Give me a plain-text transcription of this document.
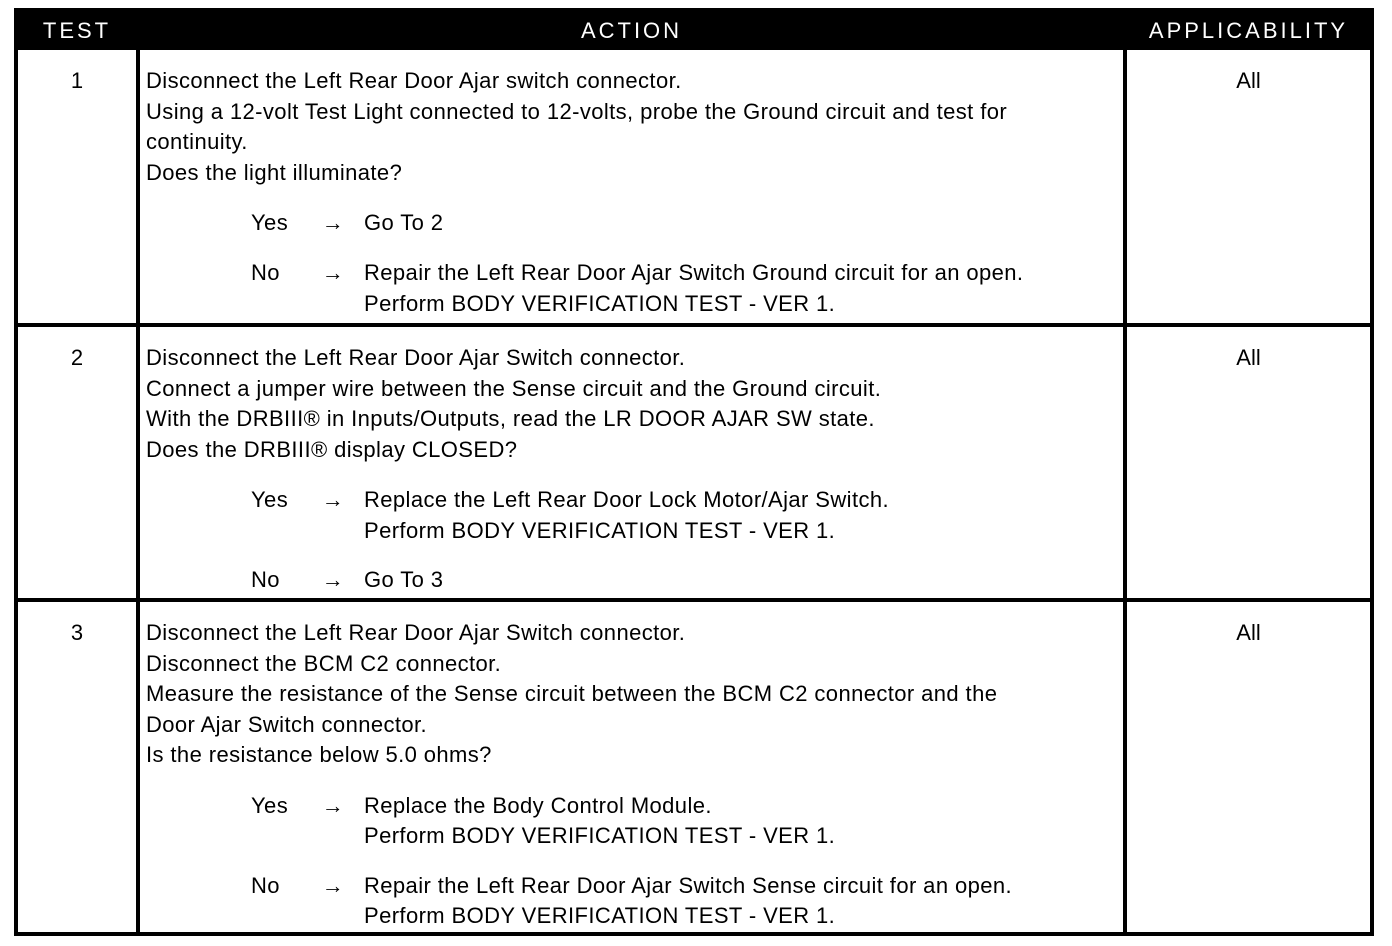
TEST	ACTION	APPLICABILITY
1	Disconnect the Left Rear Door Ajar switch connector.
Using a 12-volt Test Light connected to 12-volts, probe the Ground circuit and test for
continuity.
Does the light illuminate?
Yes	→ Go To 2
No	→ Repair the Left Rear Door Ajar Switch Ground circuit for an open.
Perform BODY VERIFICATION TEST - VER 1.
All
2	Disconnect the Left Rear Door Ajar Switch connector.
Connect a jumper wire between the Sense circuit and the Ground circuit.
With the DRBIII® in Inputs/Outputs, read the LR DOOR AJAR SW state.
Does the DRBIII® display CLOSED?
Yes	→ Replace the Left Rear Door Lock Motor/Ajar Switch.
Perform BODY VERIFICATION TEST - VER 1.
No	→ Go To 3
All
3	Disconnect the Left Rear Door Ajar Switch connector.
Disconnect the BCM C2 connector.
Measure the resistance of the Sense circuit between the BCM C2 connector and the
Door Ajar Switch connector.
Is the resistance below 5.0 ohms?
Yes	→ Replace the Body Control Module.
Perform BODY VERIFICATION TEST - VER 1.
No	→ Repair the Left Rear Door Ajar Switch Sense circuit for an open.
Perform BODY VERIFICATION TEST - VER 1.
All
